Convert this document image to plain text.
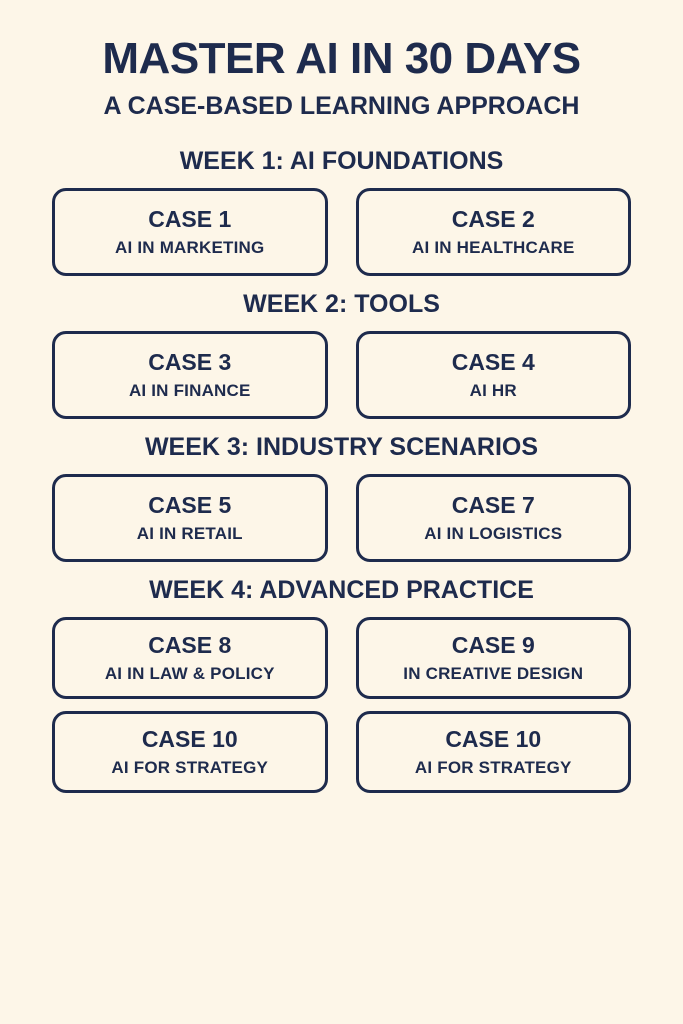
MASTER AI IN 30 DAYS
A CASE-BASED LEARNING APPROACH
WEEK 1: AI FOUNDATIONS
CASE 1
AI IN MARKETING
CASE 2
AI IN HEALTHCARE
WEEK 2: TOOLS
CASE 3
AI IN FINANCE
CASE 4
AI HR
WEEK 3: INDUSTRY SCENARIOS
CASE 5
AI IN RETAIL
CASE 7
AI IN LOGISTICS
WEEK 4: ADVANCED PRACTICE
CASE 8
AI IN LAW & POLICY
CASE 9
IN CREATIVE DESIGN
CASE 10
AI FOR STRATEGY
CASE 10
AI FOR STRATEGY
